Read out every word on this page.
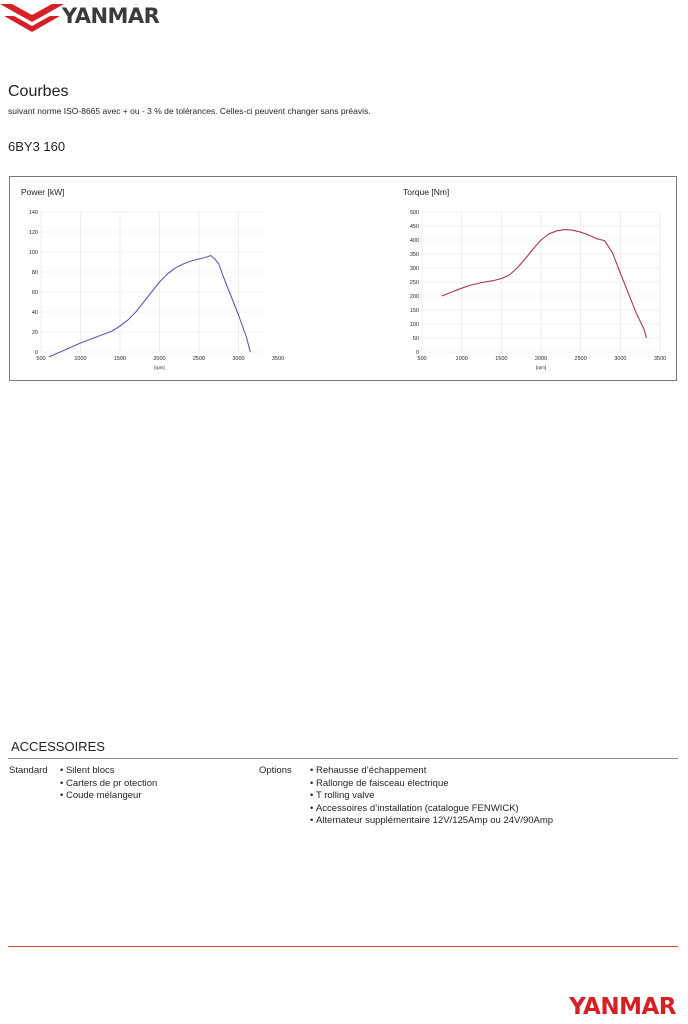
YANMAR
Courbes
suivant norme ISO-8665 avec + ou - 3 % de tolérances. Celles-ci peuvent changer sans préavis.
6BY3 160
Power [kW]
0
20
40
60
80
100
120
140
500	1000	1500	2000	2500	3000	3500
[rpm]
Torque [Nm]
0
50
100
150
200
250
300
350
400
450
500
500	1000	1500	2000	2500	3000	3500
[rpm]
ACCESSOIRES
Standard	• Silent blocs
• Carters de pr otection
• Coude mélangeur
Options	• Rehausse d’échappement
• Rallonge de faisceau électrique
• T rolling valve
• Accessoires d’installation (catalogue FENWICK)
• Alternateur supplémentaire 12V/125Amp ou 24V/90Amp
YANMAR
